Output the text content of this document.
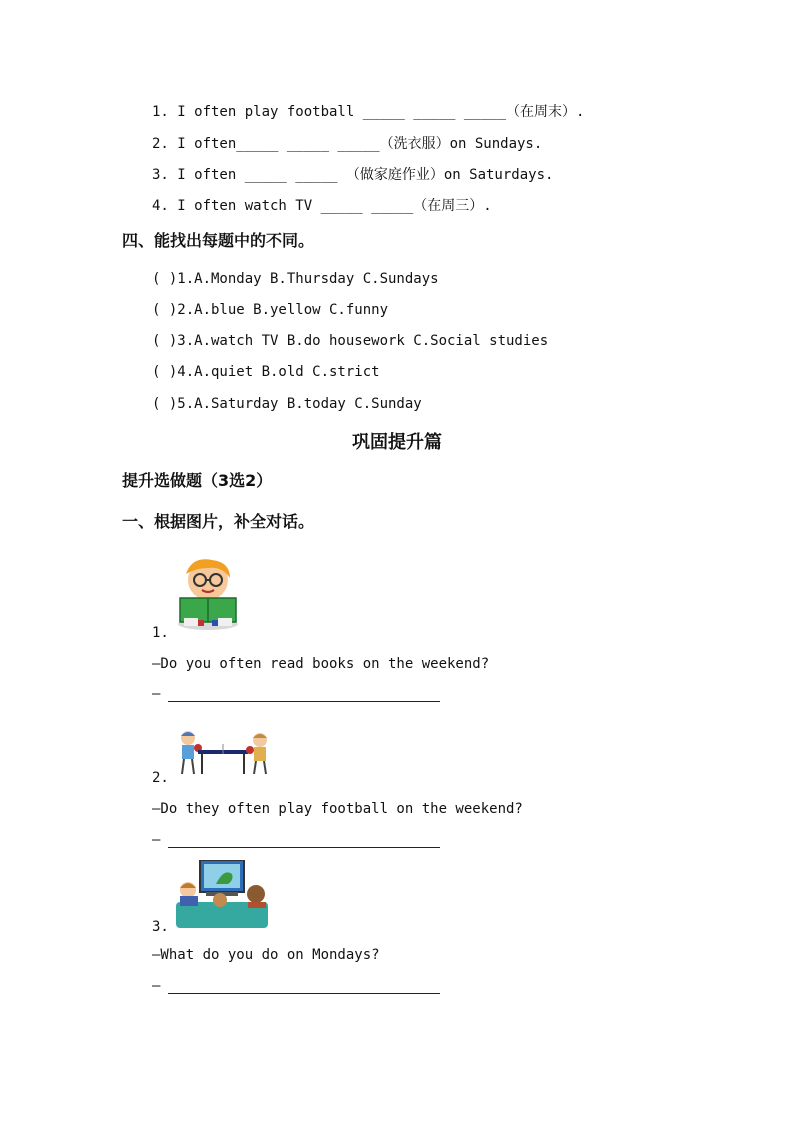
1. I often play football _____ _____ _____（在周末）.
2. I often_____ _____ _____（洗衣服）on Sundays.
3. I often _____ _____ （做家庭作业）on Saturdays.
4. I often watch TV _____ _____（在周三）.
四、能找出每题中的不同。
( )1.A.Monday B.Thursday C.Sundays
( )2.A.blue B.yellow C.funny
( )3.A.watch TV B.do housework C.Social studies
( )4.A.quiet B.old C.strict
( )5.A.Saturday B.today C.Sunday
巩固提升篇
提升选做题（3选2）
一、根据图片，补全对话。
1.
—Do you often read books on the weekend?
—
2.
—Do they often play football on the weekend?
—
3.
—What do you do on Mondays?
—
